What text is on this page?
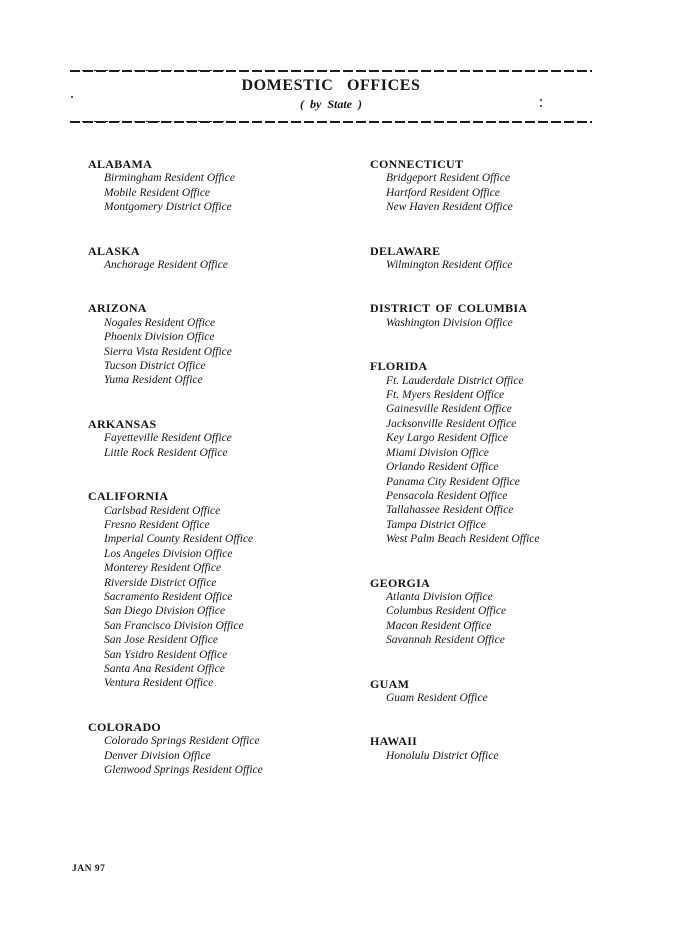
DOMESTIC OFFICES
( by State )
ALABAMA
Birmingham Resident Office
Mobile Resident Office
Montgomery District Office
ALASKA
Anchorage Resident Office
ARIZONA
Nogales Resident Office
Phoenix Division Office
Sierra Vista Resident Office
Tucson District Office
Yuma Resident Office
ARKANSAS
Fayetteville Resident Office
Little Rock Resident Office
CALIFORNIA
Carlsbad Resident Office
Fresno Resident Office
Imperial County Resident Office
Los Angeles Division Office
Monterey Resident Office
Riverside District Office
Sacramento Resident Office
San Diego Division Office
San Francisco Division Office
San Jose Resident Office
San Ysidro Resident Office
Santa Ana Resident Office
Ventura Resident Office
COLORADO
Colorado Springs Resident Office
Denver Division Office
Glenwood Springs Resident Office
CONNECTICUT
Bridgeport Resident Office
Hartford Resident Office
New Haven Resident Office
DELAWARE
Wilmington Resident Office
DISTRICT OF COLUMBIA
Washington Division Office
FLORIDA
Ft. Lauderdale District Office
Ft. Myers Resident Office
Gainesville Resident Office
Jacksonville Resident Office
Key Largo Resident Office
Miami Division Office
Orlando Resident Office
Panama City Resident Office
Pensacola Resident Office
Tallahassee Resident Office
Tampa District Office
West Palm Beach Resident Office
GEORGIA
Atlanta Division Office
Columbus Resident Office
Macon Resident Office
Savannah Resident Office
GUAM
Guam Resident Office
HAWAII
Honolulu District Office
JAN 97
